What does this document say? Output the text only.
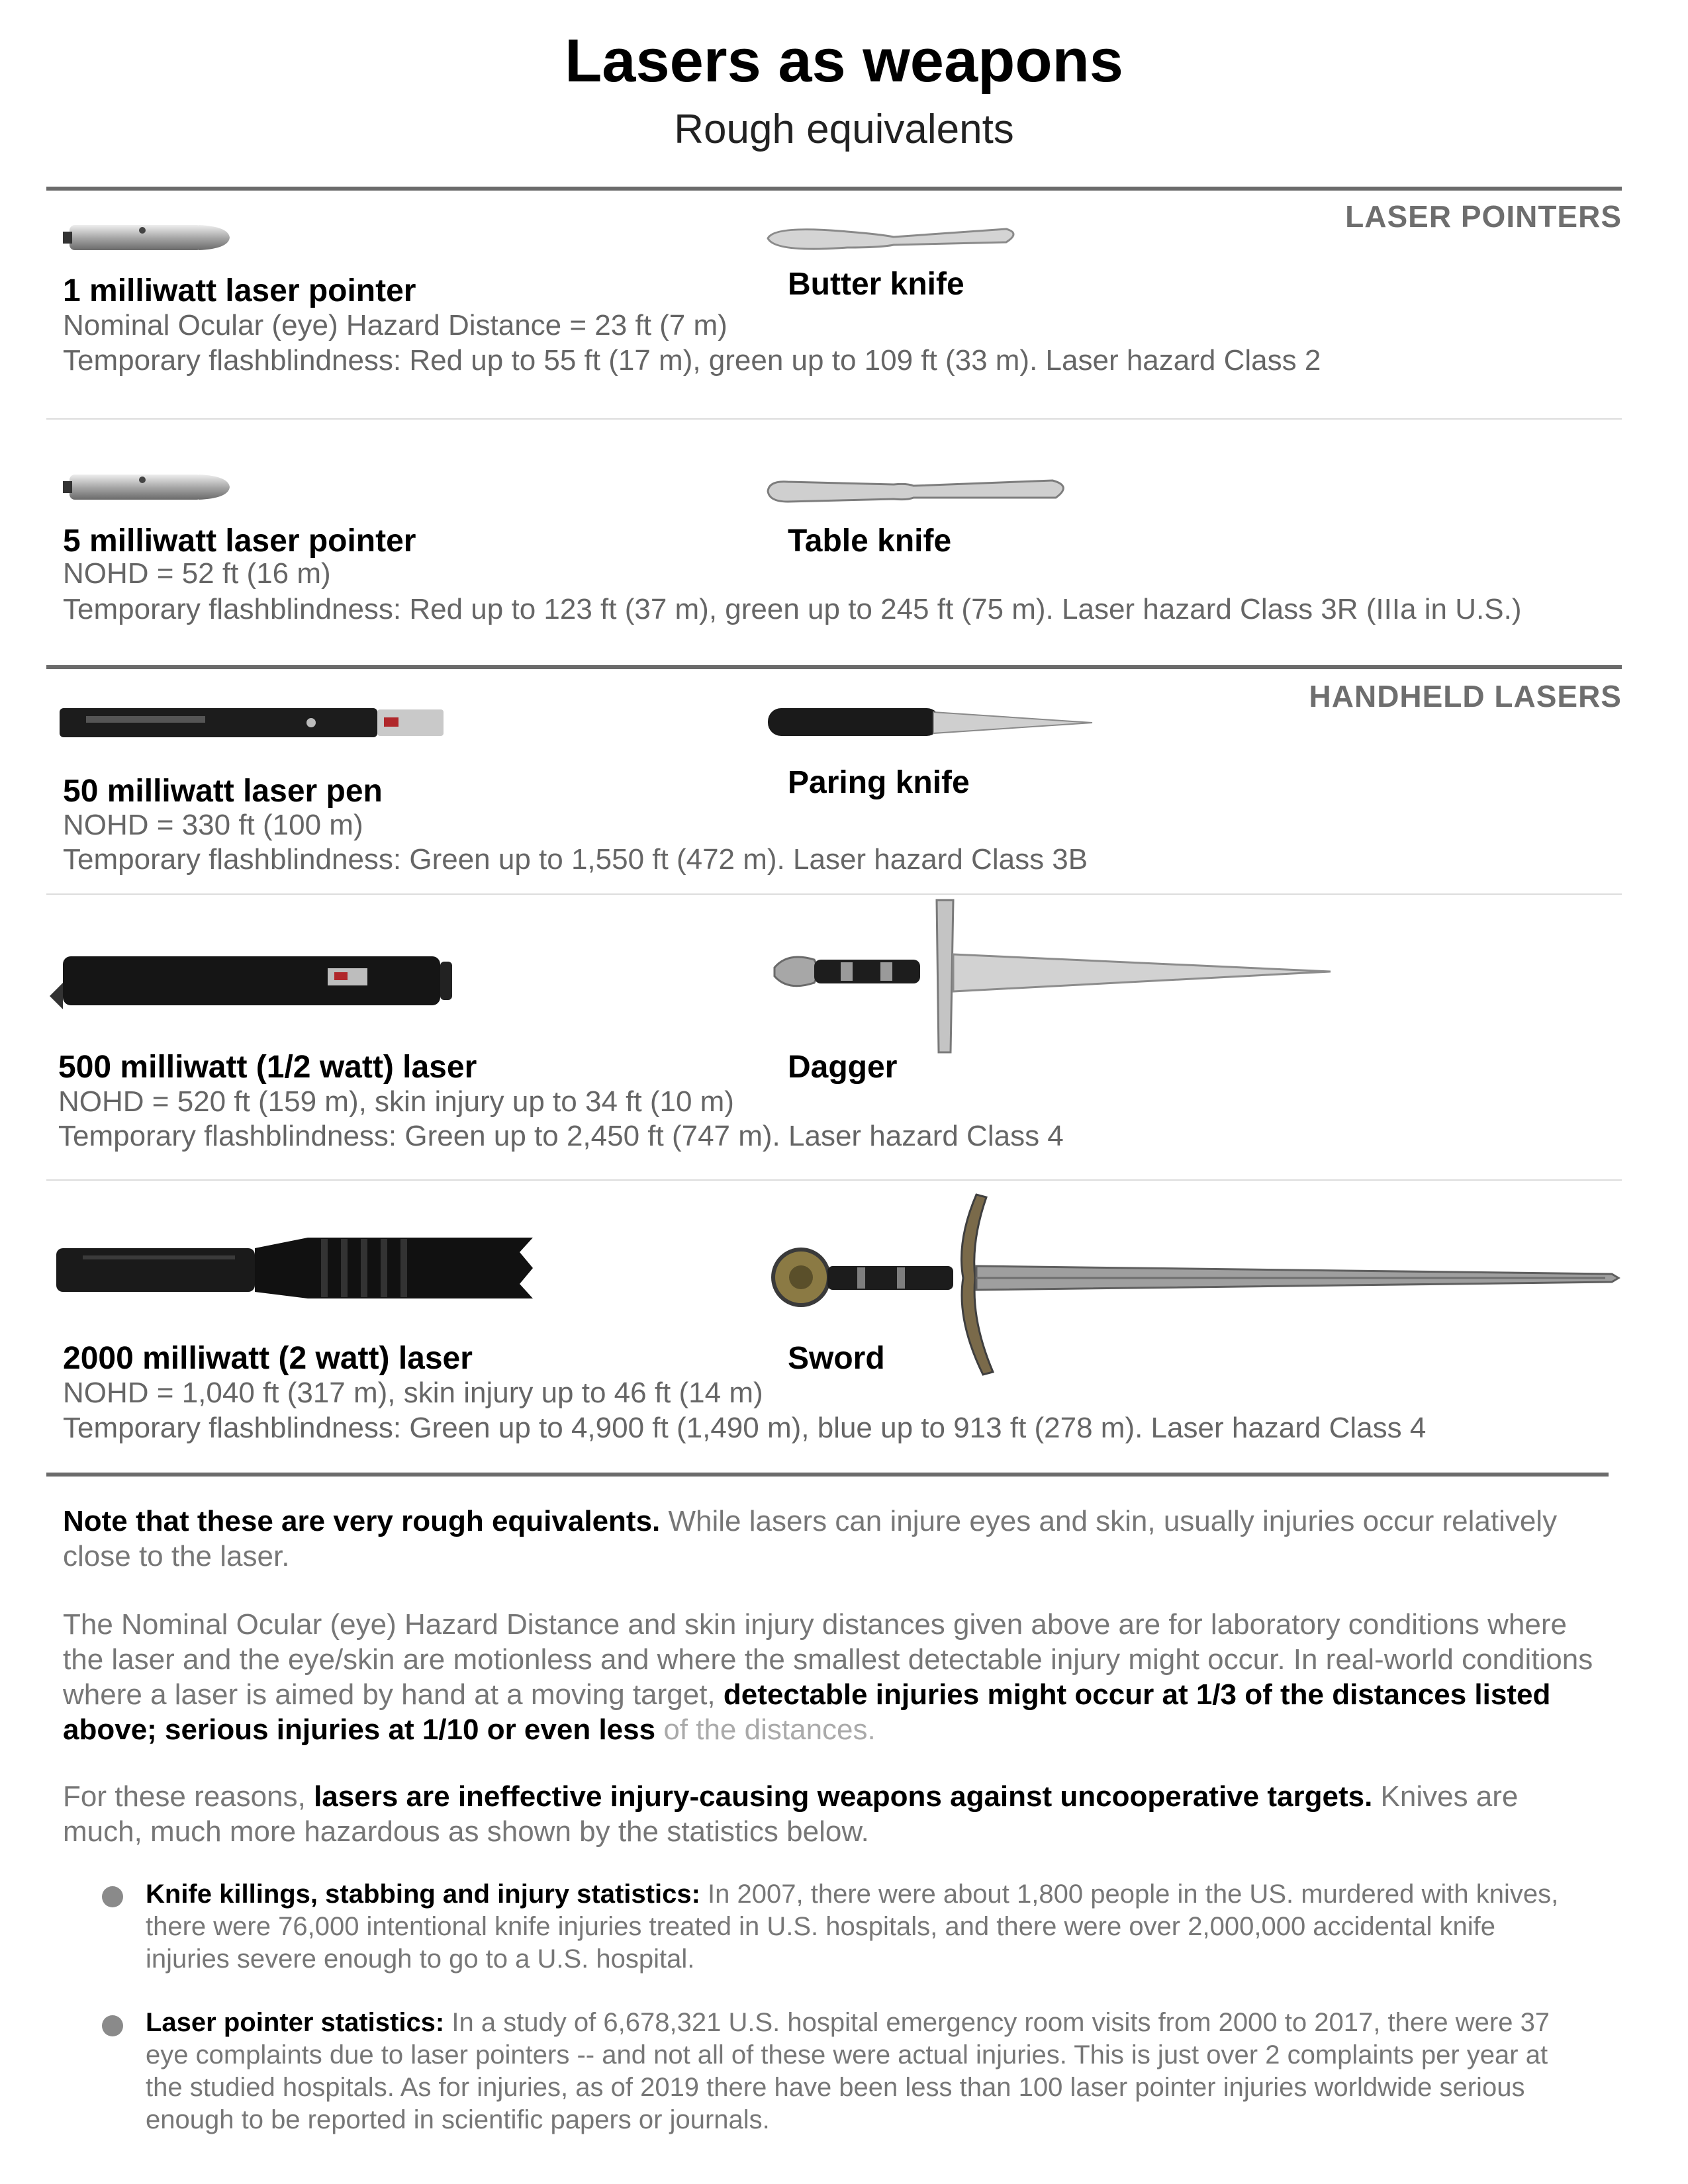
Lasers as weapons
Rough equivalents
LASER POINTERS
1 milliwatt laser pointer	Butter knife
Nominal Ocular (eye) Hazard Distance = 23 ft (7 m)
Temporary flashblindness: Red up to 55 ft (17 m), green up to 109 ft (33 m). Laser hazard Class 2
5 milliwatt laser pointer	Table knife
NOHD = 52 ft (16 m)
Temporary flashblindness: Red up to 123 ft (37 m), green up to 245 ft (75 m). Laser hazard Class 3R (IIIa in U.S.)
HANDHELD LASERS
50 milliwatt laser pen	Paring knife
NOHD = 330 ft (100 m)
Temporary flashblindness: Green up to 1,550 ft (472 m). Laser hazard Class 3B
500 milliwatt (1/2 watt) laser	Dagger
NOHD = 520 ft (159 m), skin injury up to 34 ft (10 m)
Temporary flashblindness: Green up to 2,450 ft (747 m). Laser hazard Class 4
2000 milliwatt (2 watt) laser	Sword
NOHD = 1,040 ft (317 m), skin injury up to 46 ft (14 m)
Temporary flashblindness: Green up to 4,900 ft (1,490 m), blue up to 913 ft (278 m). Laser hazard Class 4
Note that these are very rough equivalents. While lasers can injure eyes and skin, usually injuries occur relatively close to the laser.
The Nominal Ocular (eye) Hazard Distance and skin injury distances given above are for laboratory conditions where the laser and the eye/skin are motionless and where the smallest detectable injury might occur. In real-world conditions where a laser is aimed by hand at a moving target, detectable injuries might occur at 1/3 of the distances listed above; serious injuries at 1/10 or even less of the distances.
For these reasons, lasers are ineffective injury-causing weapons against uncooperative targets. Knives are much, much more hazardous as shown by the statistics below.
Knife killings, stabbing and injury statistics: In 2007, there were about 1,800 people in the US. murdered with knives, there were 76,000 intentional knife injuries treated in U.S. hospitals, and there were over 2,000,000 accidental knife injuries severe enough to go to a U.S. hospital.
Laser pointer statistics: In a study of 6,678,321 U.S. hospital emergency room visits from 2000 to 2017, there were 37 eye complaints due to laser pointers -- and not all of these were actual injuries. This is just over 2 complaints per year at the studied hospitals. As for injuries, as of 2019 there have been less than 100 laser pointer injuries worldwide serious enough to be reported in scientific papers or journals.
